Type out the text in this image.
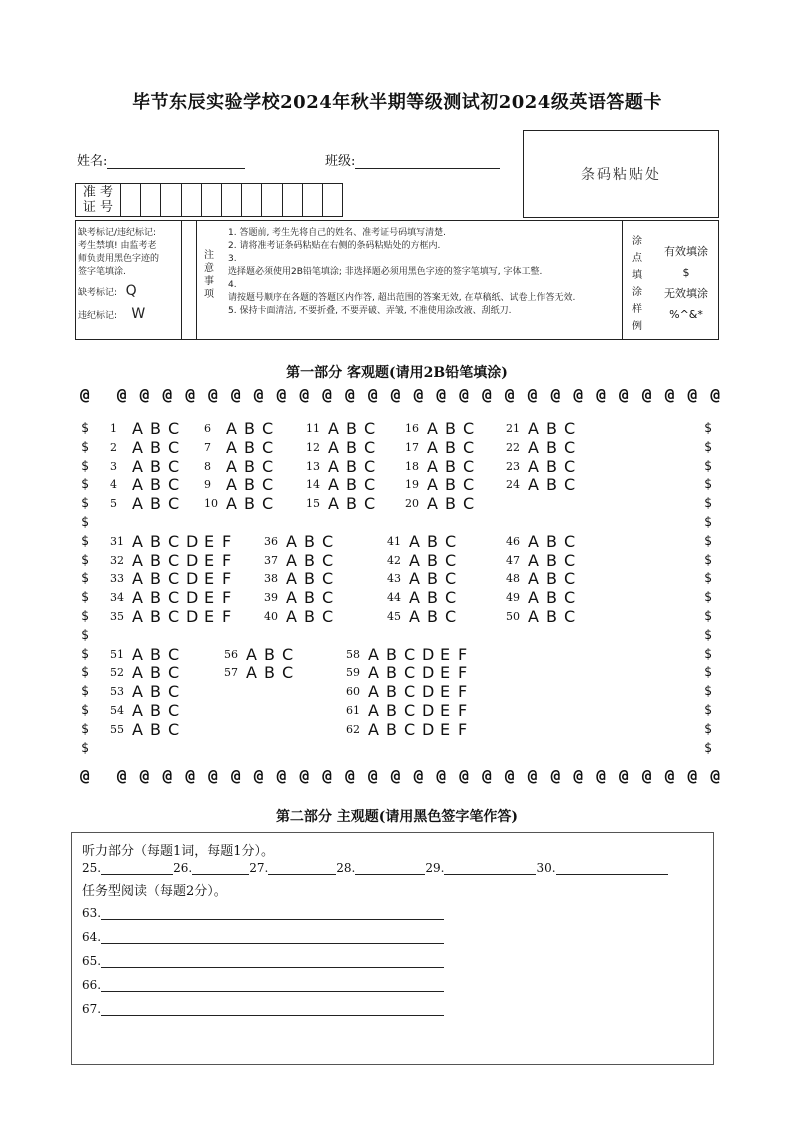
毕节东辰实验学校2024年秋半期等级测试初2024级英语答题卡
姓名:	班级:
条码粘贴处
准 考
证 号
缺考标记/违纪标记:
考生禁填! 由监考老
师负责用黑色字迹的
签字笔填涂.
缺考标记: Q
违纪标记: W
注意事项
1. 答题前, 考生先将自己的姓名、准考证号码填写清楚.
2. 请将准考证条码粘贴在右侧的条码粘贴处的方框内.
3.
选择题必须使用2B铅笔填涂; 非选择题必须用黑色字迹的签字笔填写, 字体工整.
4.
请按题号顺序在各题的答题区内作答, 超出范围的答案无效, 在草稿纸、试卷上作答无效.
5. 保持卡面清洁, 不要折叠, 不要弄破、弄皱, 不准使用涂改液、刮纸刀.
涂点填涂样例
有效填涂
$
无效填涂
%^&*
第一部分 客观题(请用2B铅笔填涂)
@ @ @ @ @ @ @ @ @ @ @ @ @ @ @ @ @ @ @ @ @ @ @ @ @ @ @ @
@ @ @ @ @ @ @ @ @ @ @ @ @ @ @ @ @ @ @ @ @ @ @ @ @ @ @ @
$
$
$
$
$
$
$
$
$
$
$
$
$
$
$
$
$
$
$
$
$
$
$
$
$
$
$
$
$
$
$
$
$
$
$
$
1 A B C
2 A B C
3 A B C
4 A B C
5 A B C
6 A B C
7 A B C
8 A B C
9 A B C
10 A B C
11 A B C
12 A B C
13 A B C
14 A B C
15 A B C
16 A B C
17 A B C
18 A B C
19 A B C
20 A B C
21 A B C
22 A B C
23 A B C
24 A B C
31 A B C D E F
32 A B C D E F
33 A B C D E F
34 A B C D E F
35 A B C D E F
36 A B C
37 A B C
38 A B C
39 A B C
40 A B C
41 A B C
42 A B C
43 A B C
44 A B C
45 A B C
46 A B C
47 A B C
48 A B C
49 A B C
50 A B C
51 A B C
52 A B C
53 A B C
54 A B C
55 A B C
56 A B C
57 A B C
58 A B C D E F
59 A B C D E F
60 A B C D E F
61 A B C D E F
62 A B C D E F
第二部分 主观题(请用黑色签字笔作答)
听力部分（每题1词，每题1分）。
25.	26.	27.	28.	29.	30.
任务型阅读（每题2分）。
63.
64.
65.
66.
67.
